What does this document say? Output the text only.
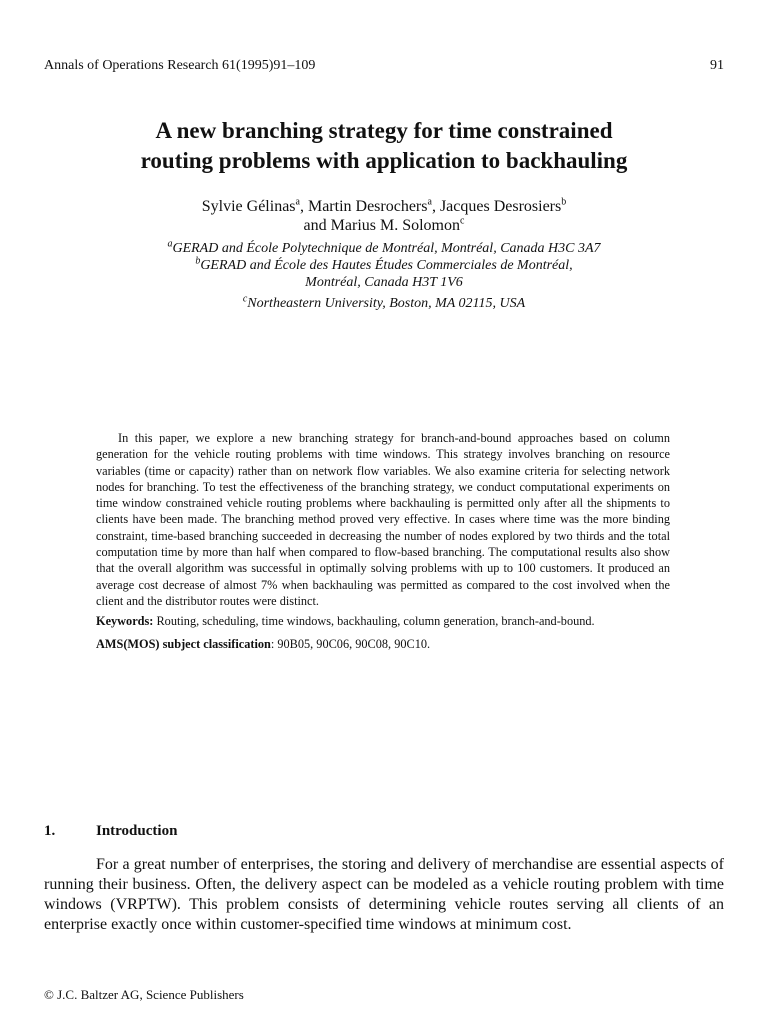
Annals of Operations Research 61(1995)91–109	91
A new branching strategy for time constrained
routing problems with application to backhauling
Sylvie Gélinas$^a$, Martin Desrochers$^a$, Jacques Desrosiers$^b$
and Marius M. Solomon$^c$
$^a$GERAD and École Polytechnique de Montréal, Montréal, Canada H3C 3A7
$^b$GERAD and École des Hautes Études Commerciales de Montréal,
Montréal, Canada H3T 1V6
$^c$Northeastern University, Boston, MA 02115, USA

In this paper, we explore a new branching strategy for branch-and-bound approaches based on column generation for the vehicle routing problems with time windows. This strategy involves branching on resource variables (time or capacity) rather than on network flow variables. We also examine criteria for selecting network nodes for branching. To test the effectiveness of the branching strategy, we conduct computational experiments on time window constrained vehicle routing problems where backhauling is permitted only after all the shipments to clients have been made. The branching method proved very effective. In cases where time was the more binding constraint, time-based branching succeeded in decreasing the number of nodes explored by two thirds and the total computation time by more than half when compared to flow-based branching. The computational results also show that the overall algorithm was successful in optimally solving problems with up to 100 customers. It produced an average cost decrease of almost 7% when backhauling was permitted as compared to the cost involved when the client and the distributor routes were distinct.

Keywords: Routing, scheduling, time windows, backhauling, column generation, branch-and-bound.

AMS(MOS) subject classification: 90B05, 90C06, 90C08, 90C10.

1.	Introduction

For a great number of enterprises, the storing and delivery of merchandise are essential aspects of running their business. Often, the delivery aspect can be modeled as a vehicle routing problem with time windows (VRPTW). This problem consists of determining vehicle routes serving all clients of an enterprise exactly once within customer-specified time windows at minimum cost.

© J.C. Baltzer AG, Science Publishers
